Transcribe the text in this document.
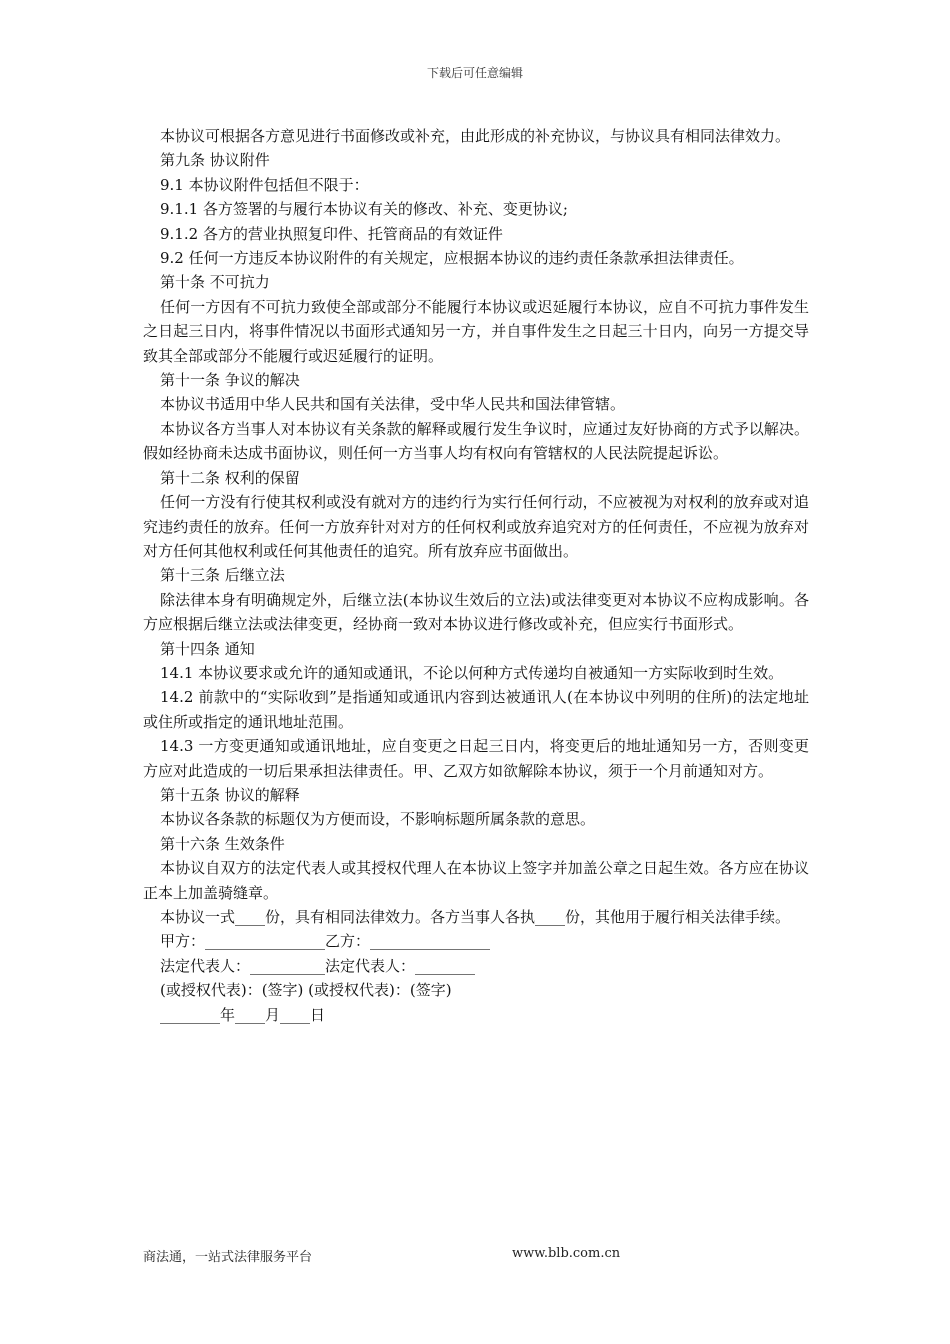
下载后可任意编辑

本协议可根据各方意见进行书面修改或补充，由此形成的补充协议，与协议具有相同法律效力。

第九条 协议附件

9.1 本协议附件包括但不限于：

9.1.1 各方签署的与履行本协议有关的修改、补充、变更协议;

9.1.2 各方的营业执照复印件、托管商品的有效证件

9.2 任何一方违反本协议附件的有关规定，应根据本协议的违约责任条款承担法律责任。

第十条 不可抗力

任何一方因有不可抗力致使全部或部分不能履行本协议或迟延履行本协议，应自不可抗力事件发生之日起三日内，将事件情况以书面形式通知另一方，并自事件发生之日起三十日内，向另一方提交导致其全部或部分不能履行或迟延履行的证明。

第十一条 争议的解决

本协议书适用中华人民共和国有关法律，受中华人民共和国法律管辖。

本协议各方当事人对本协议有关条款的解释或履行发生争议时，应通过友好协商的方式予以解决。假如经协商未达成书面协议，则任何一方当事人均有权向有管辖权的人民法院提起诉讼。

第十二条 权利的保留

任何一方没有行使其权利或没有就对方的违约行为实行任何行动，不应被视为对权利的放弃或对追究违约责任的放弃。任何一方放弃针对对方的任何权利或放弃追究对方的任何责任，不应视为放弃对对方任何其他权利或任何其他责任的追究。所有放弃应书面做出。

第十三条 后继立法

除法律本身有明确规定外，后继立法(本协议生效后的立法)或法律变更对本协议不应构成影响。各方应根据后继立法或法律变更，经协商一致对本协议进行修改或补充，但应实行书面形式。

第十四条 通知

14.1 本协议要求或允许的通知或通讯，不论以何种方式传递均自被通知一方实际收到时生效。

14.2 前款中的“实际收到”是指通知或通讯内容到达被通讯人(在本协议中列明的住所)的法定地址或住所或指定的通讯地址范围。

14.3 一方变更通知或通讯地址，应自变更之日起三日内，将变更后的地址通知另一方，否则变更方应对此造成的一切后果承担法律责任。甲、乙双方如欲解除本协议，须于一个月前通知对方。

第十五条 协议的解释

本协议各条款的标题仅为方便而设，不影响标题所属条款的意思。

第十六条 生效条件

本协议自双方的法定代表人或其授权代理人在本协议上签字并加盖公章之日起生效。各方应在协议正本上加盖骑缝章。

本协议一式____份，具有相同法律效力。各方当事人各执____份，其他用于履行相关法律手续。

甲方：________________乙方：________________

法定代表人：__________法定代表人：________

(或授权代表)：(签字) (或授权代表)：(签字)

________年____月____日

商法通，一站式法律服务平台	www.blb.com.cn
